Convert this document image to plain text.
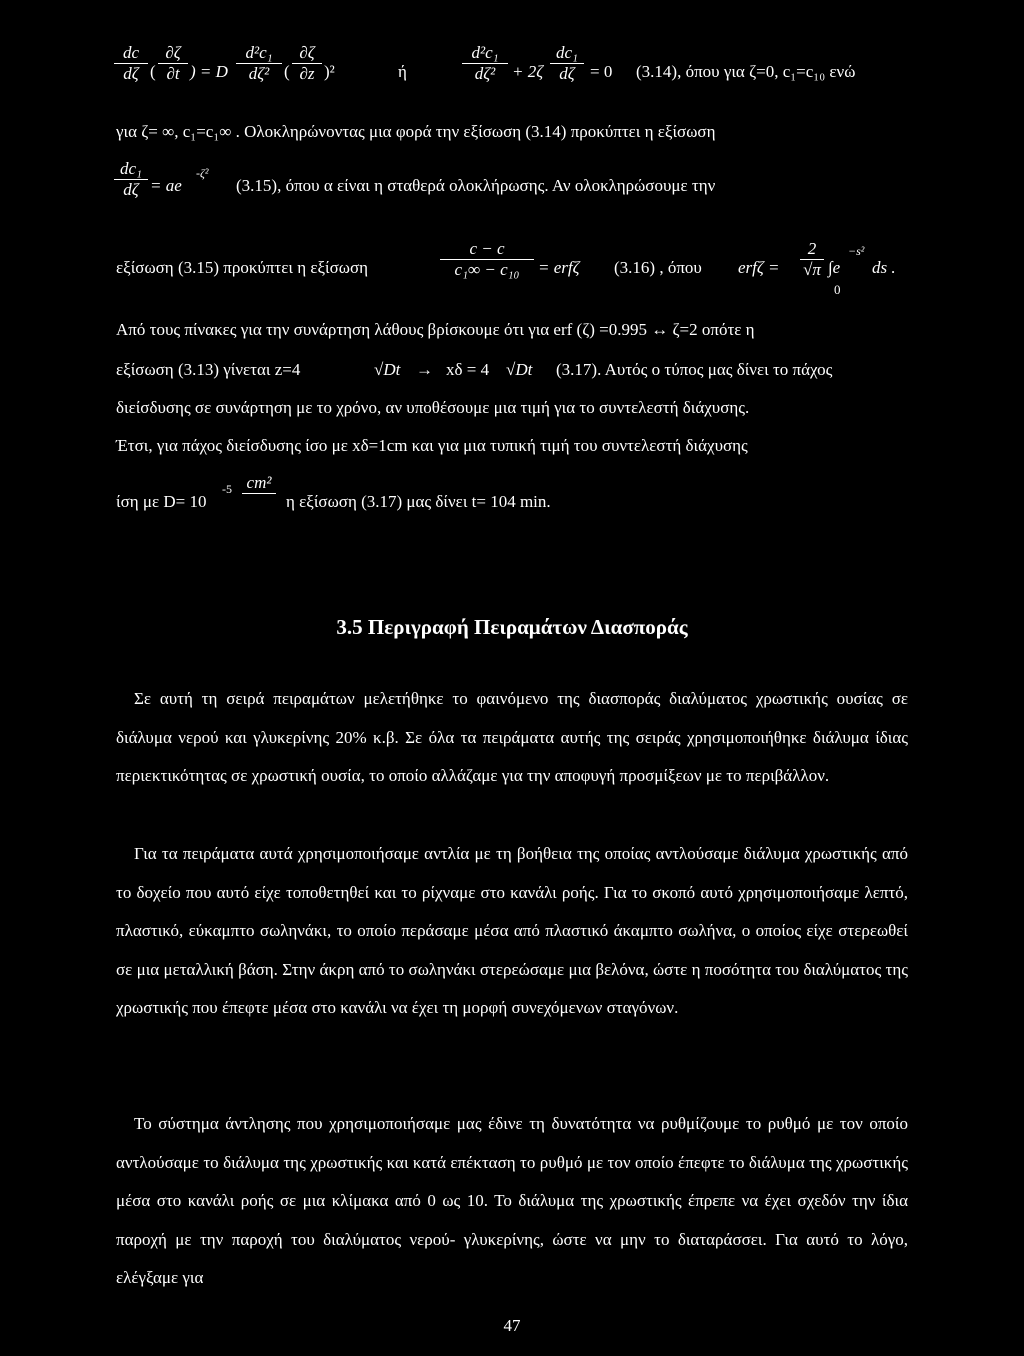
dc
dζ (
∂ζ
∂t ) = D
d²c₁
dζ² (
∂ζ
∂z )²	ή
d²c₁
dζ² + 2ζ
dc₁
dζ = 0 (3.14), όπου για ζ=0, c₁=c₁₀ ενώ
για ζ= ∞, c₁=c₁∞ . Ολοκληρώνοντας μια φορά την εξίσωση (3.14) προκύπτει η εξίσωση
dc₁
dζ = ae
-ζ²
(3.15), όπου α είναι η σταθερά ολοκλήρωσης. Αν ολοκληρώσουμε την
εξίσωση (3.15) προκύπτει η εξίσωση
c − c
c₁∞ − c₁₀	= erfζ (3.16) , όπου erfζ =
2
√π ∫e
−s²
ds .
0
Από τους πίνακες για την συνάρτηση λάθους βρίσκουμε ότι για erf (ζ) =0.995 ↔ ζ=2 οπότε η
εξίσωση (3.13) γίνεται z=4	√Dt → xδ = 4 √Dt (3.17). Αυτός ο τύπος μας δίνει το πάχος
διείσδυσης σε συνάρτηση με το χρόνο, αν υποθέσουμε μια τιμή για το συντελεστή διάχυσης.
Έτσι, για πάχος διείσδυσης ίσο με xδ=1cm και για μια τυπική τιμή του συντελεστή διάχυσης
ίση με D= 10
-5 cm²
η εξίσωση (3.17) μας δίνει t= 104 min.
3.5 Περιγραφή Πειραμάτων Διασποράς

Σε αυτή τη σειρά πειραμάτων μελετήθηκε το φαινόμενο της διασποράς διαλύματος χρωστικής ουσίας σε διάλυμα νερού και γλυκερίνης 20% κ.β. Σε όλα τα πειράματα αυτής της σειράς χρησιμοποιήθηκε διάλυμα ίδιας περιεκτικότητας σε χρωστική ουσία, το οποίο αλλάζαμε για την αποφυγή προσμίξεων με το περιβάλλον.

Για τα πειράματα αυτά χρησιμοποιήσαμε αντλία με τη βοήθεια της οποίας αντλούσαμε διάλυμα χρωστικής από το δοχείο που αυτό είχε τοποθετηθεί και το ρίχναμε στο κανάλι ροής. Για το σκοπό αυτό χρησιμοποιήσαμε λεπτό, πλαστικό, εύκαμπτο σωληνάκι, το οποίο περάσαμε μέσα από πλαστικό άκαμπτο σωλήνα, ο οποίος είχε στερεωθεί σε μια μεταλλική βάση. Στην άκρη από το σωληνάκι στερεώσαμε μια βελόνα, ώστε η ποσότητα του διαλύματος της χρωστικής που έπεφτε μέσα στο κανάλι να έχει τη μορφή συνεχόμενων σταγόνων.

Το σύστημα άντλησης που χρησιμοποιήσαμε μας έδινε τη δυνατότητα να ρυθμίζουμε το ρυθμό με τον οποίο αντλούσαμε το διάλυμα της χρωστικής και κατά επέκταση το ρυθμό με τον οποίο έπεφτε το διάλυμα της χρωστικής μέσα στο κανάλι ροής σε μια κλίμακα από 0 ως 10. Το διάλυμα της χρωστικής έπρεπε να έχει σχεδόν την ίδια παροχή με την παροχή του διαλύματος νερού- γλυκερίνης, ώστε να μην το διαταράσσει. Για αυτό το λόγο, ελέγξαμε για

47
